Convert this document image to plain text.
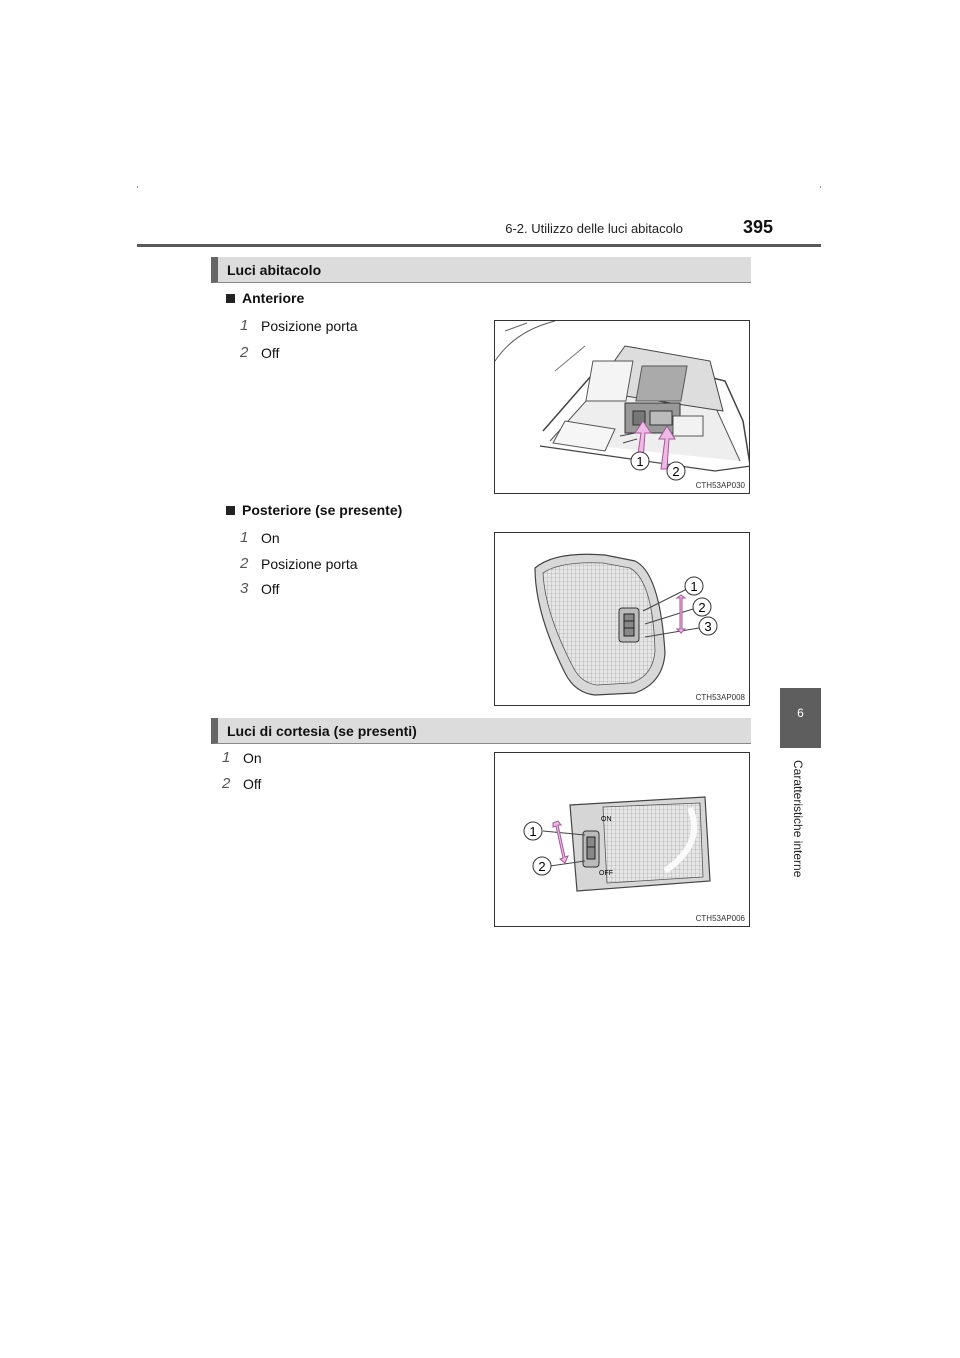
6-2. Utilizzo delle luci abitacolo	395
Luci abitacolo
Anteriore
1 Posizione porta
2 Off
1
2
CTH53AP030
Posteriore (se presente)
1 On
2 Posizione porta
3 Off	1
2
3
CTH53AP008
Luci di cortesia (se presenti)
1 On
2 Off
ON
OFF
1
2
CTH53AP006
6
Caratteristiche interne
